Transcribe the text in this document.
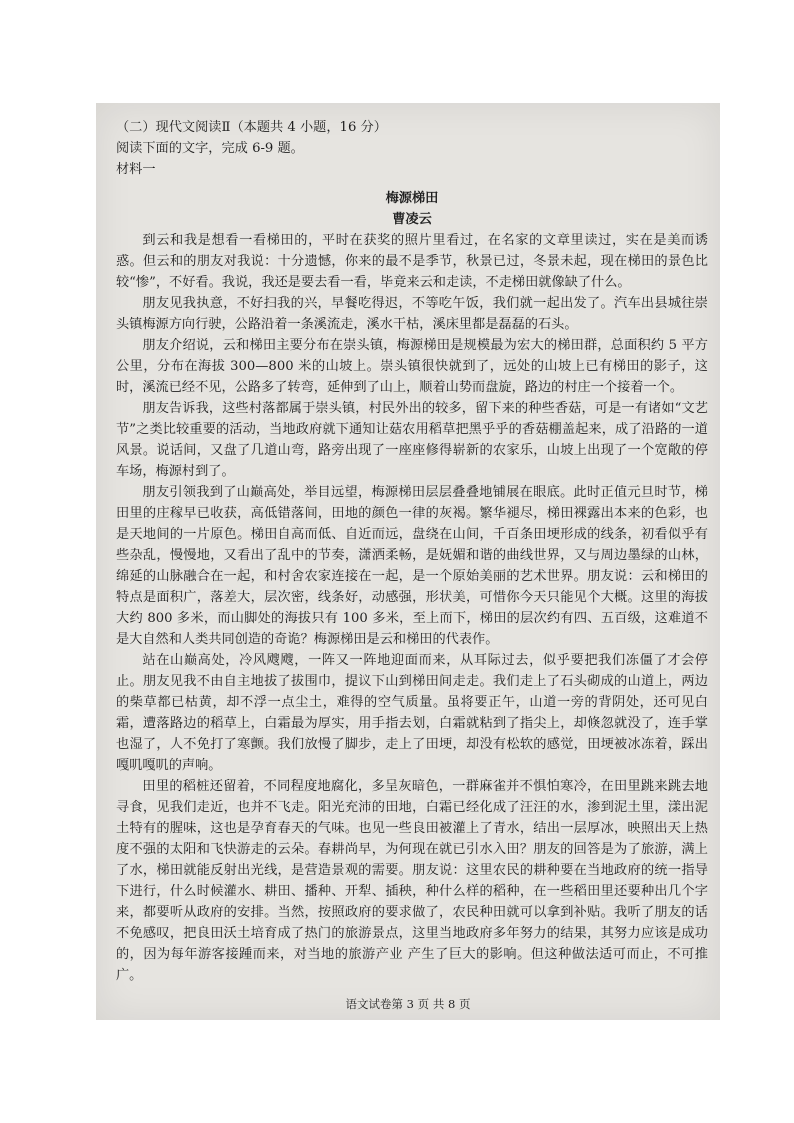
（二）现代文阅读Ⅱ（本题共 4 小题，16 分）

阅读下面的文字，完成 6-9 题。

材料一

梅源梯田

曹凌云

到云和我是想看一看梯田的，平时在获奖的照片里看过，在名家的文章里读过，实在是美而诱惑。但云和的朋友对我说：十分遗憾，你来的最不是季节，秋景已过，冬景未起，现在梯田的景色比较“惨”，不好看。我说，我还是要去看一看，毕竟来云和走读，不走梯田就像缺了什么。

朋友见我执意，不好扫我的兴，早餐吃得迟，不等吃午饭，我们就一起出发了。汽车出县城往崇头镇梅源方向行驶，公路沿着一条溪流走，溪水干枯，溪床里都是磊磊的石头。

朋友介绍说，云和梯田主要分布在崇头镇，梅源梯田是规模最为宏大的梯田群，总面积约 5 平方公里，分布在海拔 300—800 米的山坡上。崇头镇很快就到了，远处的山坡上已有梯田的影子，这时，溪流已经不见，公路多了转弯，延伸到了山上，顺着山势而盘旋，路边的村庄一个接着一个。

朋友告诉我，这些村落都属于崇头镇，村民外出的较多，留下来的种些香菇，可是一有诸如“文艺节”之类比较重要的活动，当地政府就下通知让菇农用稻草把黑乎乎的香菇棚盖起来，成了沿路的一道风景。说话间，又盘了几道山弯，路旁出现了一座座修得崭新的农家乐，山坡上出现了一个宽敞的停车场，梅源村到了。

朋友引领我到了山巅高处，举目远望，梅源梯田层层叠叠地铺展在眼底。此时正值元旦时节，梯田里的庄稼早已收获，高低错落间，田地的颜色一律的灰褐。繁华褪尽，梯田裸露出本来的色彩，也是天地间的一片原色。梯田自高而低、自近而远，盘绕在山间，千百条田埂形成的线条，初看似乎有些杂乱，慢慢地，又看出了乱中的节奏，潇洒柔畅，是妩媚和谐的曲线世界，又与周边墨绿的山林，绵延的山脉融合在一起，和村舍农家连接在一起，是一个原始美丽的艺术世界。朋友说：云和梯田的特点是面积广，落差大，层次密，线条好，动感强，形状美，可惜你今天只能见个大概。这里的海拔大约 800 多米，而山脚处的海拔只有 100 多米，至上而下，梯田的层次约有四、五百级，这难道不是大自然和人类共同创造的奇诡？梅源梯田是云和梯田的代表作。

站在山巅高处，冷风飕飕，一阵又一阵地迎面而来，从耳际过去，似乎要把我们冻僵了才会停止。朋友见我不由自主地拔了拔围巾，提议下山到梯田间走走。我们走上了石头砌成的山道上，两边的柴草都已枯黄，却不浮一点尘土，难得的空气质量。虽将要正午，山道一旁的背阴处，还可见白霜，遭落路边的稻草上，白霜最为厚实，用手指去划，白霜就粘到了指尖上，却倏忽就没了，连手掌也湿了，人不免打了寒颤。我们放慢了脚步，走上了田埂，却没有松软的感觉，田埂被冰冻着，踩出嘎叽嘎叽的声响。

田里的稻桩还留着，不同程度地腐化，多呈灰暗色，一群麻雀并不惧怕寒冷，在田里跳来跳去地寻食，见我们走近，也并不飞走。阳光充沛的田地，白霜已经化成了汪汪的水，渗到泥土里，漾出泥土特有的腥味，这也是孕育春天的气味。也见一些良田被灌上了青水，结出一层厚冰，映照出天上热度不强的太阳和飞快游走的云朵。春耕尚早，为何现在就已引水入田？朋友的回答是为了旅游，满上了水，梯田就能反射出光线，是营造景观的需要。朋友说：这里农民的耕种要在当地政府的统一指导下进行，什么时候灌水、耕田、播种、开犁、插秧，种什么样的稻种，在一些稻田里还要种出几个字来，都要听从政府的安排。当然，按照政府的要求做了，农民种田就可以拿到补贴。我听了朋友的话不免感叹，把良田沃土培育成了热门的旅游景点，这里当地政府多年努力的结果，其努力应该是成功的，因为每年游客接踵而来，对当地的旅游产业 产生了巨大的影响。但这种做法适可而止，不可推广。

语文试卷第 3 页 共 8 页
